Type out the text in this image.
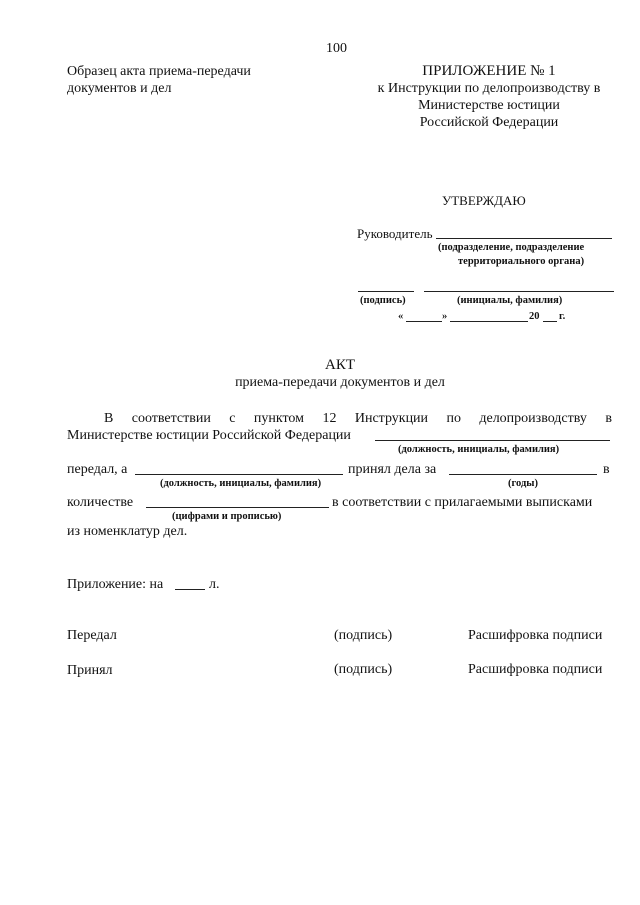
100
Образец акта приема-передачи
документов и дел
ПРИЛОЖЕНИЕ № 1
к Инструкции по делопроизводству в
Министерстве юстиции
Российской Федерации
УТВЕРЖДАЮ
Руководитель
(подразделение, подразделение
территориального органа)
(подпись)	(инициалы, фамилия)
«	»	20 г.
АКТ
приема-передачи документов и дел
В соответствии с пунктом 12 Инструкции по делопроизводству в
Министерстве юстиции Российской Федерации
(должность, инициалы, фамилия)
передал, а	принял дела за	в
(должность, инициалы, фамилия)	(годы)
количестве	в соответствии с прилагаемыми выписками
(цифрами и прописью)
из номенклатур дел.
Приложение: на	л.
Передал	(подпись)	Расшифровка подписи
Принял	(подпись)	Расшифровка подписи
